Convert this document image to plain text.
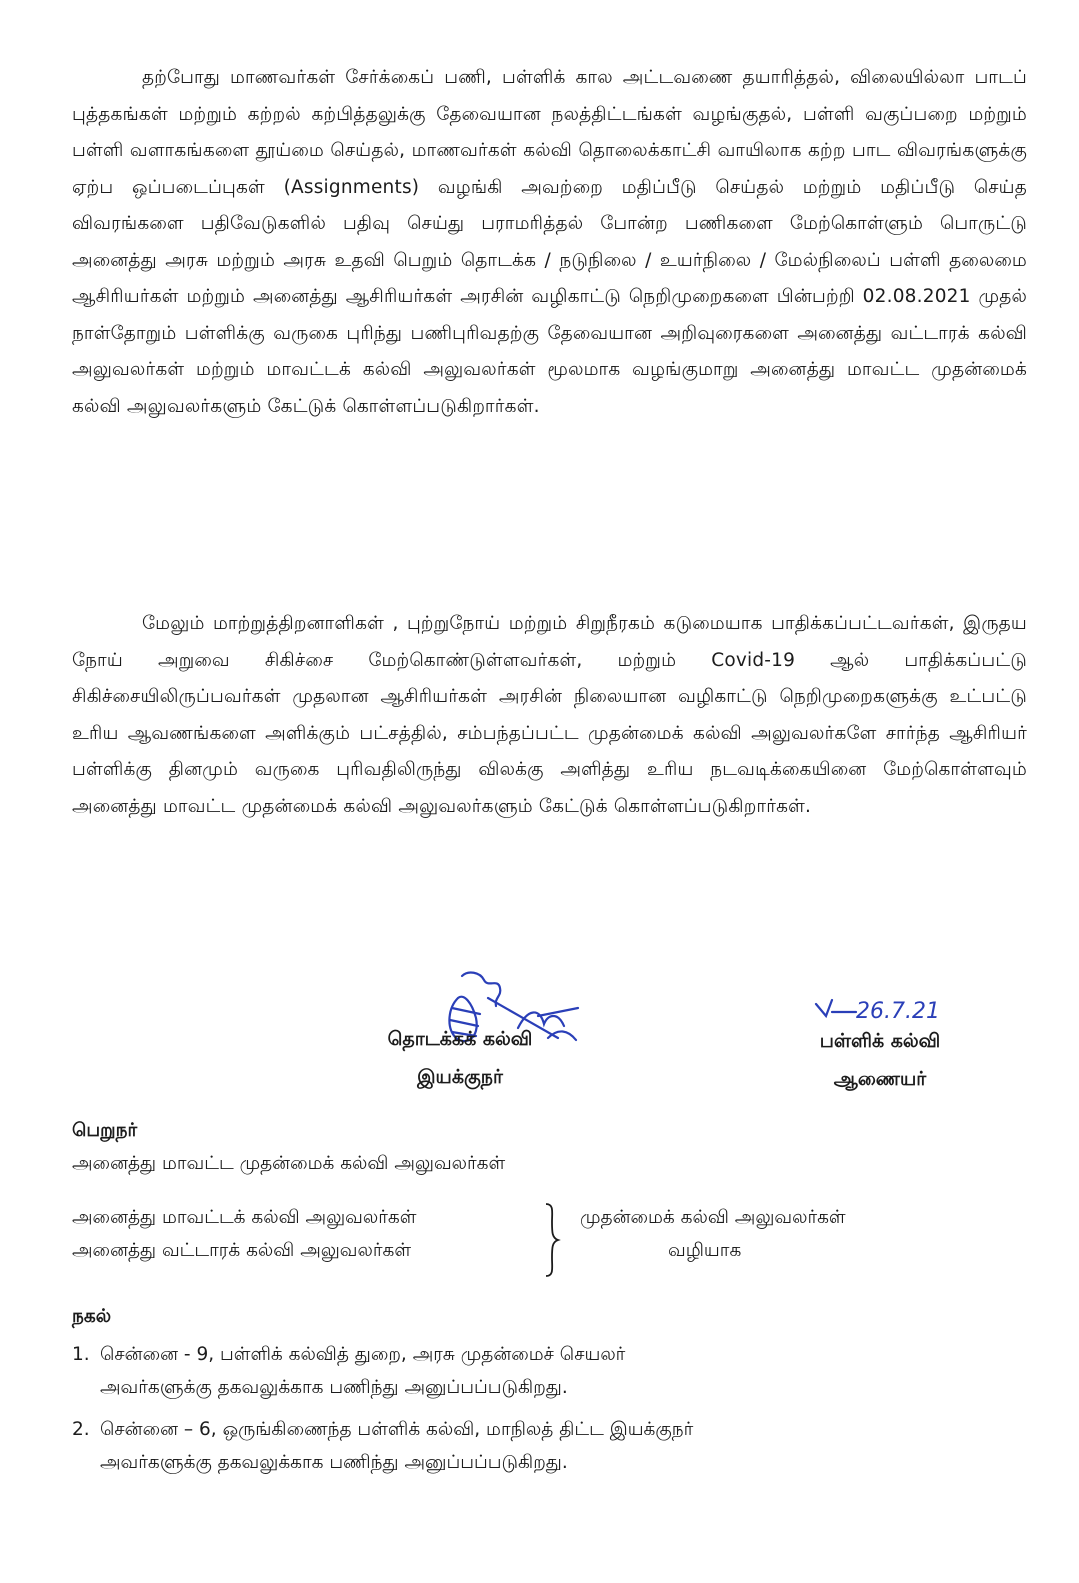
தற்போது மாணவர்கள் சேர்க்கைப் பணி, பள்ளிக் கால அட்டவணை தயாரித்தல், விலையில்லா பாடப் புத்தகங்கள் மற்றும் கற்றல் கற்பித்தலுக்கு தேவையான நலத்திட்டங்கள் வழங்குதல், பள்ளி வகுப்பறை மற்றும் பள்ளி வளாகங்களை தூய்மை செய்தல், மாணவர்கள் கல்வி தொலைக்காட்சி வாயிலாக கற்ற பாட விவரங்களுக்கு ஏற்ப ஒப்படைப்புகள் (Assignments) வழங்கி அவற்றை மதிப்பீடு செய்தல் மற்றும் மதிப்பீடு செய்த விவரங்களை பதிவேடுகளில் பதிவு செய்து பராமரித்தல் போன்ற பணிகளை மேற்கொள்ளும் பொருட்டு அனைத்து அரசு மற்றும் அரசு உதவி பெறும் தொடக்க / நடுநிலை / உயர்நிலை / மேல்நிலைப் பள்ளி தலைமை ஆசிரியர்கள் மற்றும் அனைத்து ஆசிரியர்கள் அரசின் வழிகாட்டு நெறிமுறைகளை பின்பற்றி 02.08.2021 முதல் நாள்தோறும் பள்ளிக்கு வருகை புரிந்து பணிபுரிவதற்கு தேவையான அறிவுரைகளை அனைத்து வட்டாரக் கல்வி அலுவலர்கள் மற்றும் மாவட்டக் கல்வி அலுவலர்கள் மூலமாக வழங்குமாறு அனைத்து மாவட்ட முதன்மைக் கல்வி அலுவலர்களும் கேட்டுக் கொள்ளப்படுகிறார்கள்.

மேலும் மாற்றுத்திறனாளிகள் , புற்றுநோய் மற்றும் சிறுநீரகம் கடுமையாக பாதிக்கப்பட்டவர்கள், இருதய நோய் அறுவை சிகிச்சை மேற்கொண்டுள்ளவர்கள், மற்றும் Covid-19 ஆல் பாதிக்கப்பட்டு சிகிச்சையிலிருப்பவர்கள் முதலான ஆசிரியர்கள் அரசின் நிலையான வழிகாட்டு நெறிமுறைகளுக்கு உட்பட்டு உரிய ஆவணங்களை அளிக்கும் பட்சத்தில், சம்பந்தப்பட்ட முதன்மைக் கல்வி அலுவலர்களே சார்ந்த ஆசிரியர் பள்ளிக்கு தினமும் வருகை புரிவதிலிருந்து விலக்கு அளித்து உரிய நடவடிக்கையினை மேற்கொள்ளவும் அனைத்து மாவட்ட முதன்மைக் கல்வி அலுவலர்களும் கேட்டுக் கொள்ளப்படுகிறார்கள்.

26.7.21
தொடக்கக் கல்வி
இயக்குநர்
பள்ளிக் கல்வி
ஆணையர்
பெறுநர்
அனைத்து மாவட்ட முதன்மைக் கல்வி அலுவலர்கள்
அனைத்து மாவட்டக் கல்வி அலுவலர்கள்
அனைத்து வட்டாரக் கல்வி அலுவலர்கள்
முதன்மைக் கல்வி அலுவலர்கள்
வழியாக
நகல்
1. சென்னை - 9, பள்ளிக் கல்வித் துறை, அரசு முதன்மைச் செயலர்
அவர்களுக்கு தகவலுக்காக பணிந்து அனுப்பப்படுகிறது.
2. சென்னை – 6, ஒருங்கிணைந்த பள்ளிக் கல்வி, மாநிலத் திட்ட இயக்குநர்
அவர்களுக்கு தகவலுக்காக பணிந்து அனுப்பப்படுகிறது.
